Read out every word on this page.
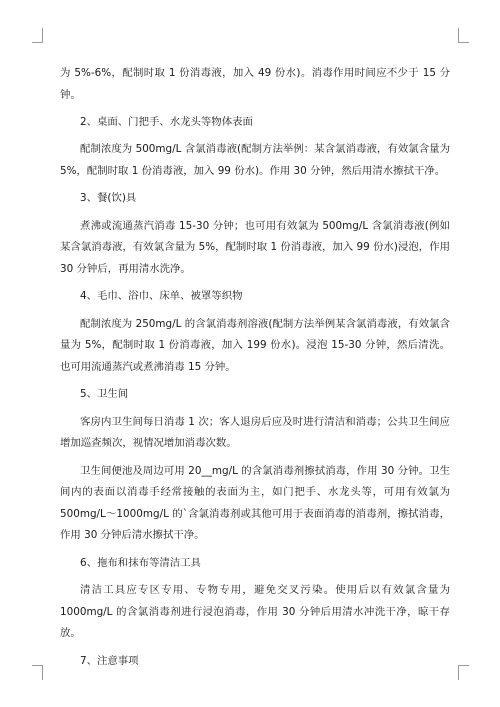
为 5%-6%，配制时取 1 份消毒液，加入 49 份水)。消毒作用时间应不少于 15 分钟。

2、桌面、门把手、水龙头等物体表面

配制浓度为 500mg/L 含氯消毒液(配制方法举例：某含氯消毒液，有效氯含量为 5%，配制时取 1 份消毒液，加入 99 份水)。作用 30 分钟，然后用清水擦拭干净。

3、餐(饮)具

煮沸或流通蒸汽消毒 15-30 分钟；也可用有效氯为 500mg/L 含氯消毒液(例如某含氯消毒液，有效氯含量为 5%，配制时取 1 份消毒液，加入 99 份水)浸泡，作用 30 分钟后，再用清水洗净。

4、毛巾、浴巾、床单、被罩等织物

配制浓度为 250mg/L 的含氯消毒剂溶液(配制方法举例某含氯消毒液，有效氯含量为 5%，配制时取 1 份消毒液，加入 199 份水)。浸泡 15-30 分钟，然后清洗。也可用流通蒸汽或煮沸消毒 15 分钟。

5、卫生间

客房内卫生间每日消毒 1 次；客人退房后应及时进行清洁和消毒；公共卫生间应增加巡查频次，视情况增加消毒次数。

卫生间便池及周边可用 20__mg/L 的含氯消毒剂擦拭消毒，作用 30 分钟。卫生间内的表面以消毒手经常接触的表面为主，如门把手、水龙头等，可用有效氯为 500mg/L～1000mg/L 的`含氯消毒剂或其他可用于表面消毒的消毒剂，擦拭消毒，作用 30 分钟后清水擦拭干净。

6、拖布和抹布等清洁工具

清洁工具应专区专用、专物专用，避免交叉污染。使用后以有效氯含量为 1000mg/L 的含氯消毒剂进行浸泡消毒，作用 30 分钟后用清水冲洗干净，晾干存放。

7、注意事项
